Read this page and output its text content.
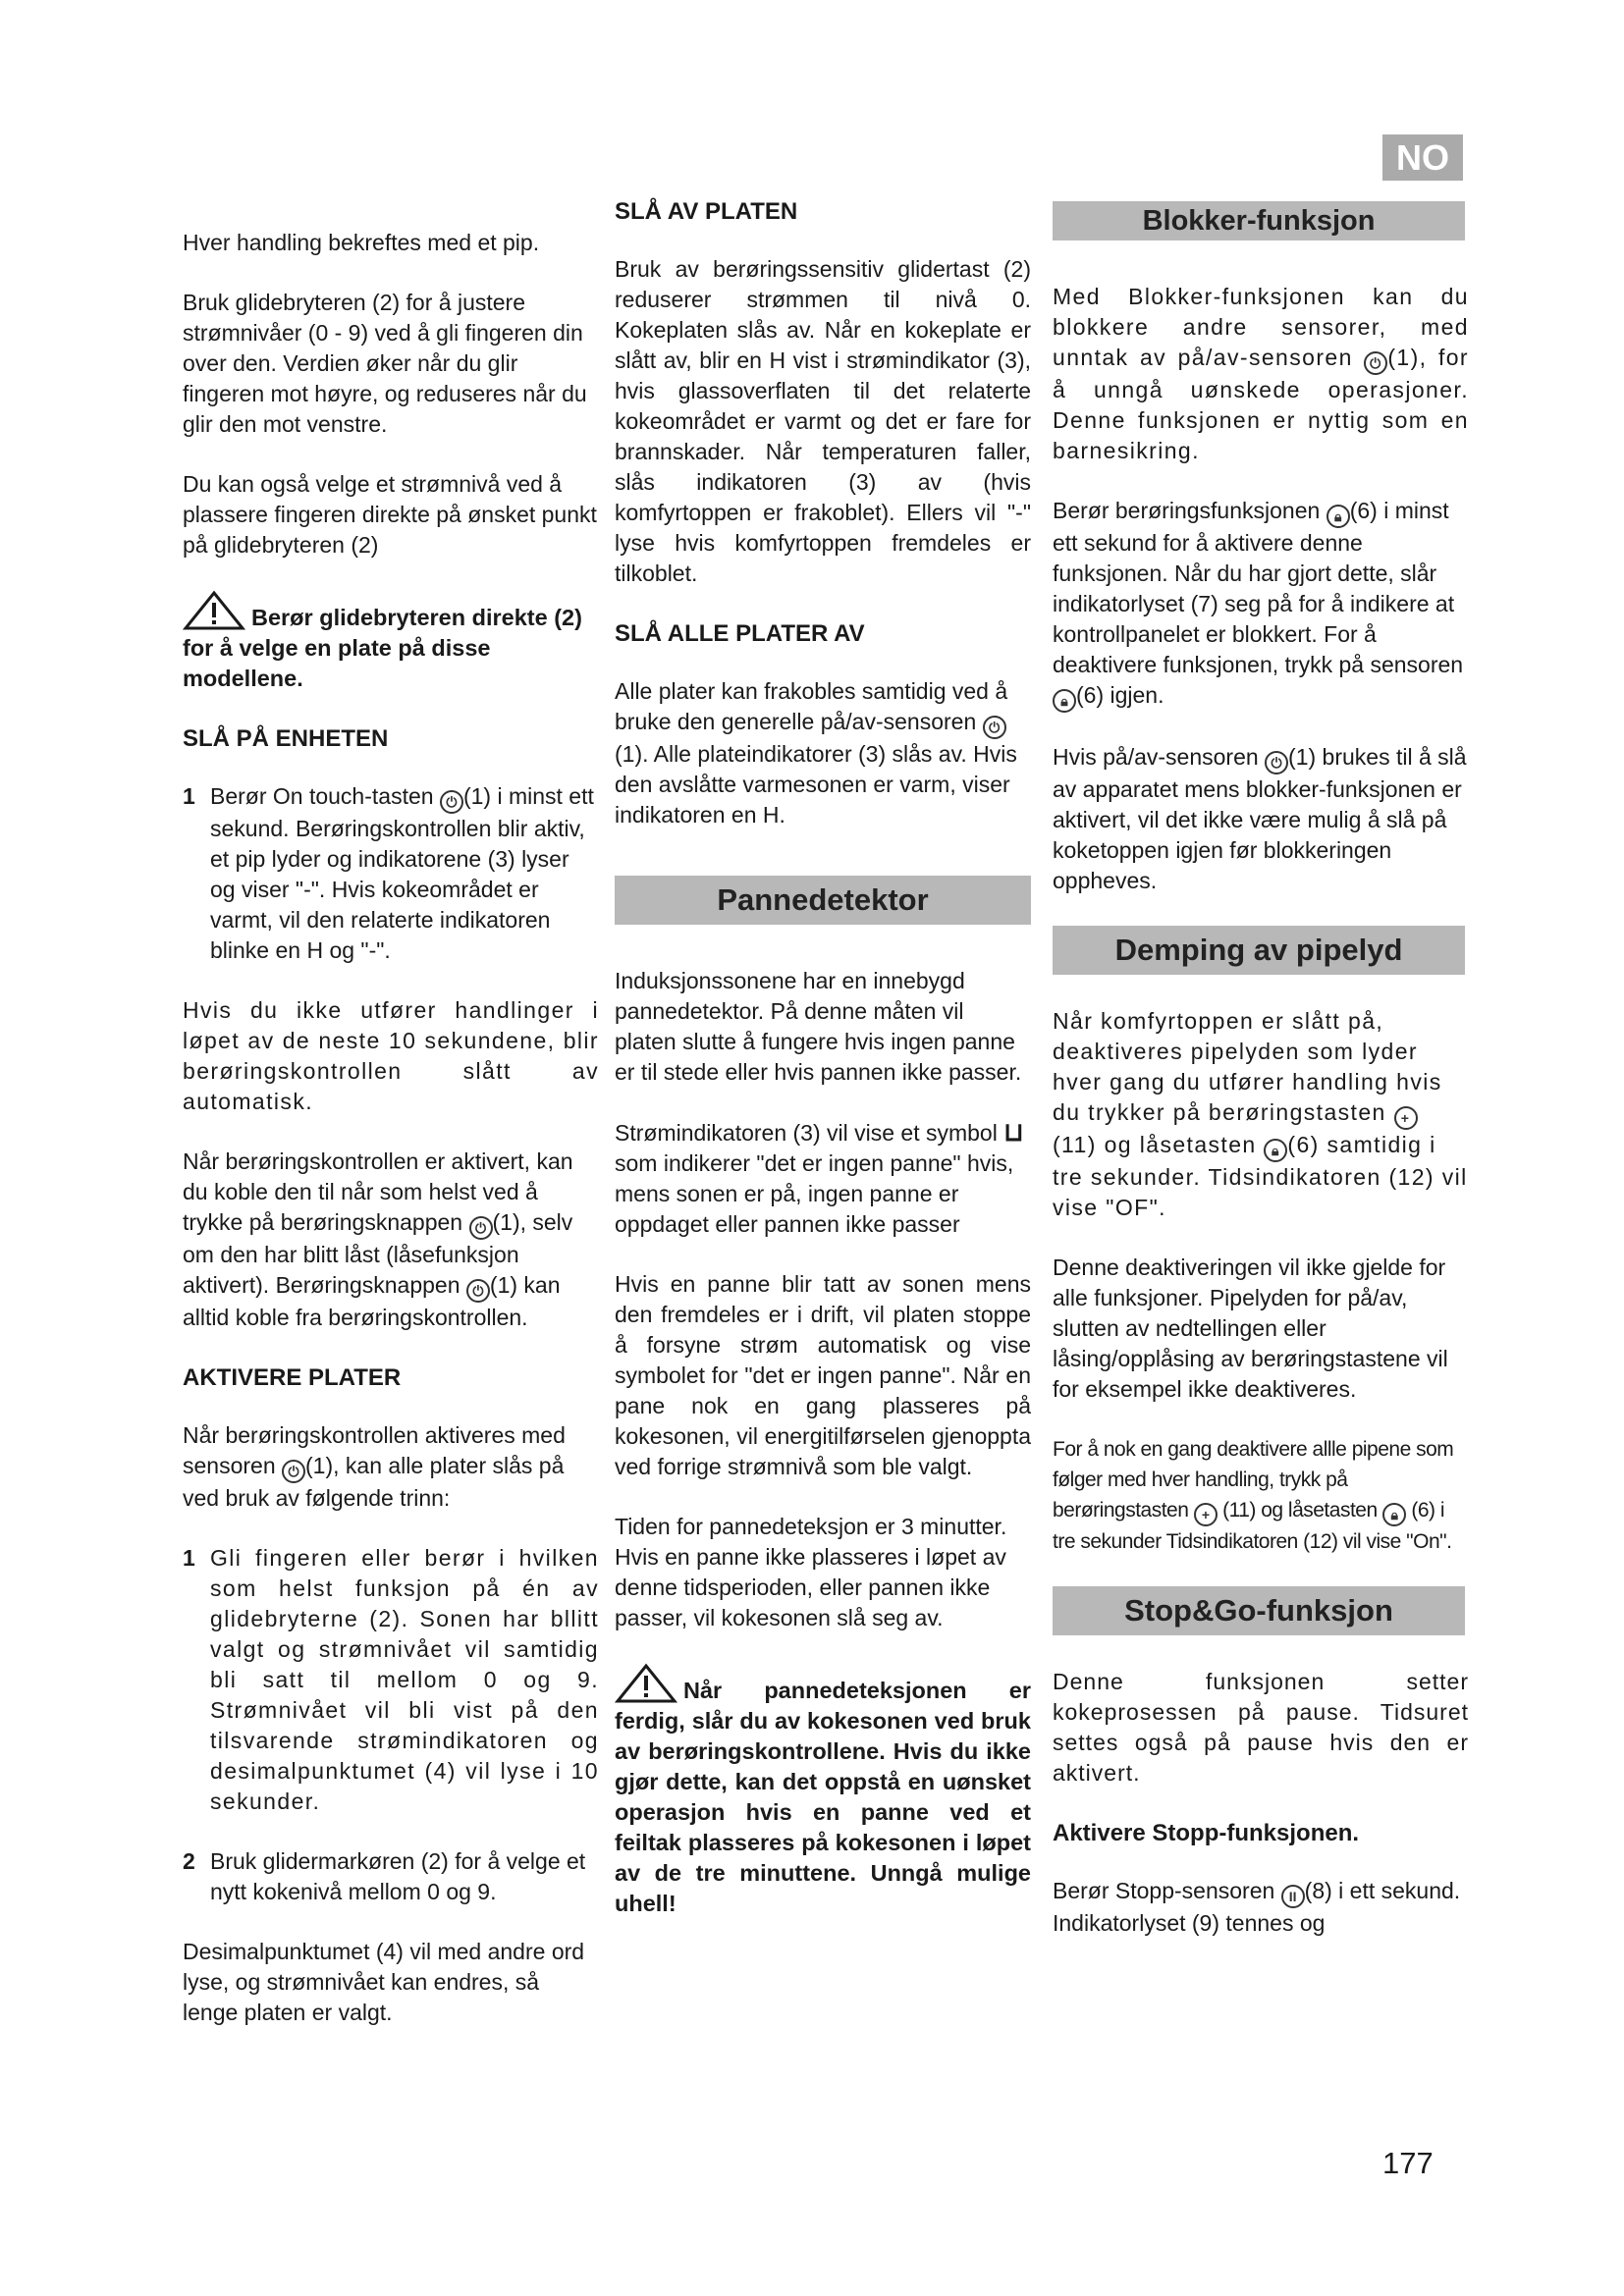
NO

Hver handling bekreftes med et pip.

Bruk glidebryteren (2) for å justere strømnivåer (0 - 9) ved å gli fingeren din over den. Verdien øker når du glir fingeren mot høyre, og reduseres når du glir den mot venstre.

Du kan også velge et strømnivå ved å plassere fingeren direkte på ønsket punkt på glidebryteren (2)

Berør glidebryteren direkte (2) for å velge en plate på disse modellene.

SLÅ PÅ ENHETEN
1 Berør On touch-tasten ⏻ (1) i minst ett sekund. Berøringskontrollen blir aktiv, et pip lyder og indikatorene (3) lyser og viser "-". Hvis kokeområdet er varmt, vil den relaterte indikatoren blinke en H og "-".

Hvis du ikke utfører handlinger i løpet av de neste 10 sekundene, blir berøringskontrollen slått av automatisk.

Når berøringskontrollen er aktivert, kan du koble den til når som helst ved å trykke på berøringsknappen ⏻ (1), selv om den har blitt låst (låsefunksjon aktivert). Berøringsknappen ⏻ (1) kan alltid koble fra berøringskontrollen.

AKTIVERE PLATER

Når berøringskontrollen aktiveres med sensoren ⏻ (1), kan alle plater slås på ved bruk av følgende trinn:

1 Gli fingeren eller berør i hvilken som helst funksjon på én av glidebryterne (2). Sonen har bllitt valgt og strømnivået vil samtidig bli satt til mellom 0 og 9. Strømnivået vil bli vist på den tilsvarende strømindikatoren og desimalpunktumet (4) vil lyse i 10 sekunder.
2 Bruk glidermarkøren (2) for å velge et nytt kokenivå mellom 0 og 9.

Desimalpunktumet (4) vil med andre ord lyse, og strømnivået kan endres, så lenge platen er valgt.

SLÅ AV PLATEN

Bruk av berøringssensitiv glidertast (2) reduserer strømmen til nivå 0. Kokeplaten slås av. Når en kokeplate er slått av, blir en H vist i strømindikator (3), hvis glassoverflaten til det relaterte kokeområdet er varmt og det er fare for brannskader. Når temperaturen faller, slås indikatoren (3) av (hvis komfyrtoppen er frakoblet). Ellers vil "-" lyse hvis komfyrtoppen fremdeles er tilkoblet.

SLÅ ALLE PLATER AV

Alle plater kan frakobles samtidig ved å bruke den generelle på/av-sensoren ⏻ (1). Alle plateindikatorer (3) slås av. Hvis den avslåtte varmesonen er varm, viser indikatoren en H.

Pannedetektor

Induksjonssonene har en innebygd pannedetektor. På denne måten vil platen slutte å fungere hvis ingen panne er til stede eller hvis pannen ikke passer.

Strømindikatoren (3) vil vise et symbol ⊔ som indikerer "det er ingen panne" hvis, mens sonen er på, ingen panne er oppdaget eller pannen ikke passer

Hvis en panne blir tatt av sonen mens den fremdeles er i drift, vil platen stoppe å forsyne strøm automatisk og vise symbolet for "det er ingen panne". Når en pane nok en gang plasseres på kokesonen, vil energitilførselen gjenoppta ved forrige strømnivå som ble valgt.

Tiden for pannedeteksjon er 3 minutter. Hvis en panne ikke plasseres i løpet av denne tidsperioden, eller pannen ikke passer, vil kokesonen slå seg av.

Når pannedeteksjonen er ferdig, slår du av kokesonen ved bruk av berøringskontrollene. Hvis du ikke gjør dette, kan det oppstå en uønsket operasjon hvis en panne ved et feiltak plasseres på kokesonen i løpet av de tre minuttene. Unngå mulige uhell!

Blokker-funksjon

Med Blokker-funksjonen kan du blokkere andre sensorer, med unntak av på/av-sensoren ⏻ (1), for å unngå uønskede operasjoner. Denne funksjonen er nyttig som en barnesikring.

Berør berøringsfunksjonen 🔒︎ (6) i minst ett sekund for å aktivere denne funksjonen. Når du har gjort dette, slår indikatorlyset (7) seg på for å indikere at kontrollpanelet er blokkert. For å deaktivere funksjonen, trykk på sensoren 🔒︎ (6) igjen.

Hvis på/av-sensoren ⏻ (1) brukes til å slå av apparatet mens blokker-funksjonen er aktivert, vil det ikke være mulig å slå på koketoppen igjen før blokkeringen oppheves.

Demping av pipelyd

Når komfyrtoppen er slått på, deaktiveres pipelyden som lyder hver gang du utfører handling hvis du trykker på berøringstasten + (11) og låsetasten 🔒︎ (6) samtidig i tre sekunder. Tidsindikatoren (12) vil vise "OF".

Denne deaktiveringen vil ikke gjelde for alle funksjoner. Pipelyden for på/av, slutten av nedtellingen eller låsing/opplåsing av berøringstastene vil for eksempel ikke deaktiveres.

For å nok en gang deaktivere allle pipene som følger med hver handling, trykk på berøringstasten + (11) og låsetasten 🔒︎ (6) i tre sekunder Tidsindikatoren (12) vil vise "On".

Stop&Go-funksjon

Denne funksjonen setter kokeprosessen på pause. Tidsuret settes også på pause hvis den er aktivert.

Aktivere Stopp-funksjonen.

Berør Stopp-sensoren II (8) i ett sekund. Indikatorlyset (9) tennes og

177
